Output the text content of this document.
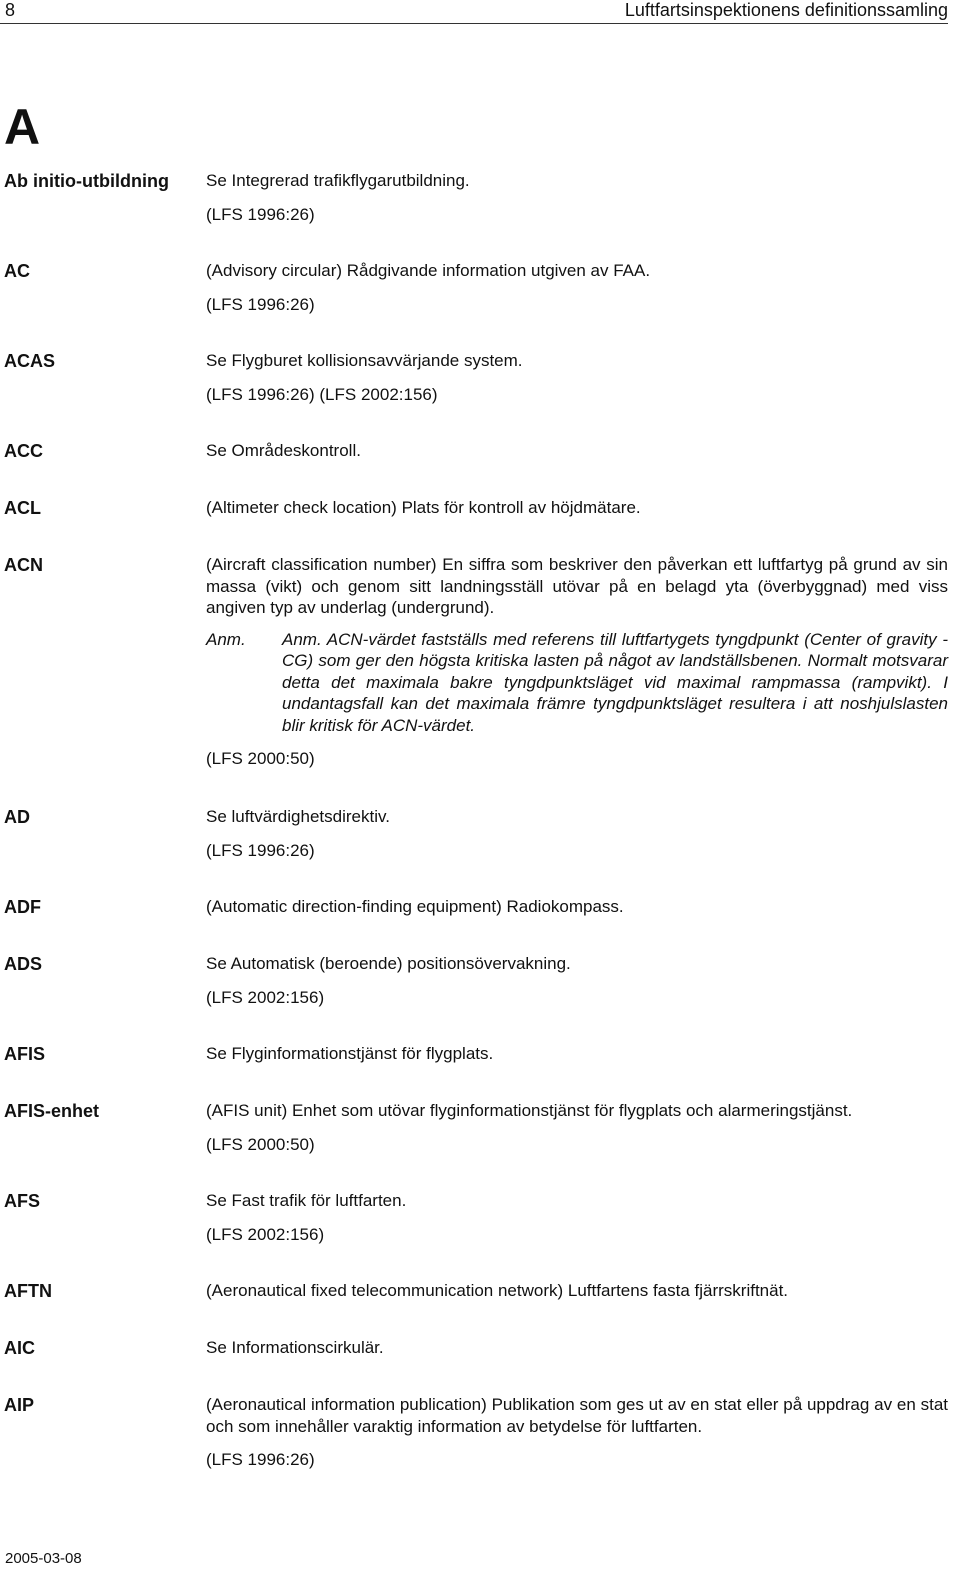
8	Luftfartsinspektionens definitionssamling
A
Ab initio-utbildning	Se Integrerad trafikflygarutbildning.

(LFS 1996:26)

AC	(Advisory circular) Rådgivande information utgiven av FAA.

(LFS 1996:26)

ACAS	Se Flygburet kollisionsavvärjande system.

(LFS 1996:26) (LFS 2002:156)

ACC	Se Områdeskontroll.

ACL	(Altimeter check location) Plats för kontroll av höjdmätare.

ACN	(Aircraft classification number) En siffra som beskriver den påverkan ett luftfartyg på grund av sin massa (vikt) och genom sitt landningsställ utövar på en belagd yta (överbyggnad) med viss angiven typ av underlag (undergrund).

Anm.	Anm. ACN-värdet fastställs med referens till luftfartygets tyngdpunkt (Center of gravity - CG) som ger den högsta kritiska lasten på något av landställsbenen. Normalt motsvarar detta det maximala bakre tyngdpunktsläget vid maximal rampmassa (rampvikt). I undantagsfall kan det maximala främre tyngdpunktsläget resultera i att noshjulslasten blir kritisk för ACN-värdet.

(LFS 2000:50)

AD	Se luftvärdighetsdirektiv.

(LFS 1996:26)

ADF	(Automatic direction-finding equipment) Radiokompass.

ADS	Se Automatisk (beroende) positionsövervakning.

(LFS 2002:156)

AFIS	Se Flyginformationstjänst för flygplats.

AFIS-enhet	(AFIS unit) Enhet som utövar flyginformationstjänst för flygplats och alarmeringstjänst.

(LFS 2000:50)

AFS	Se Fast trafik för luftfarten.

(LFS 2002:156)

AFTN	(Aeronautical fixed telecommunication network) Luftfartens fasta fjärrskriftnät.

AIC	Se Informationscirkulär.

AIP	(Aeronautical information publication) Publikation som ges ut av en stat eller på uppdrag av en stat och som innehåller varaktig information av betydelse för luftfarten.

(LFS 1996:26)

2005-03-08
